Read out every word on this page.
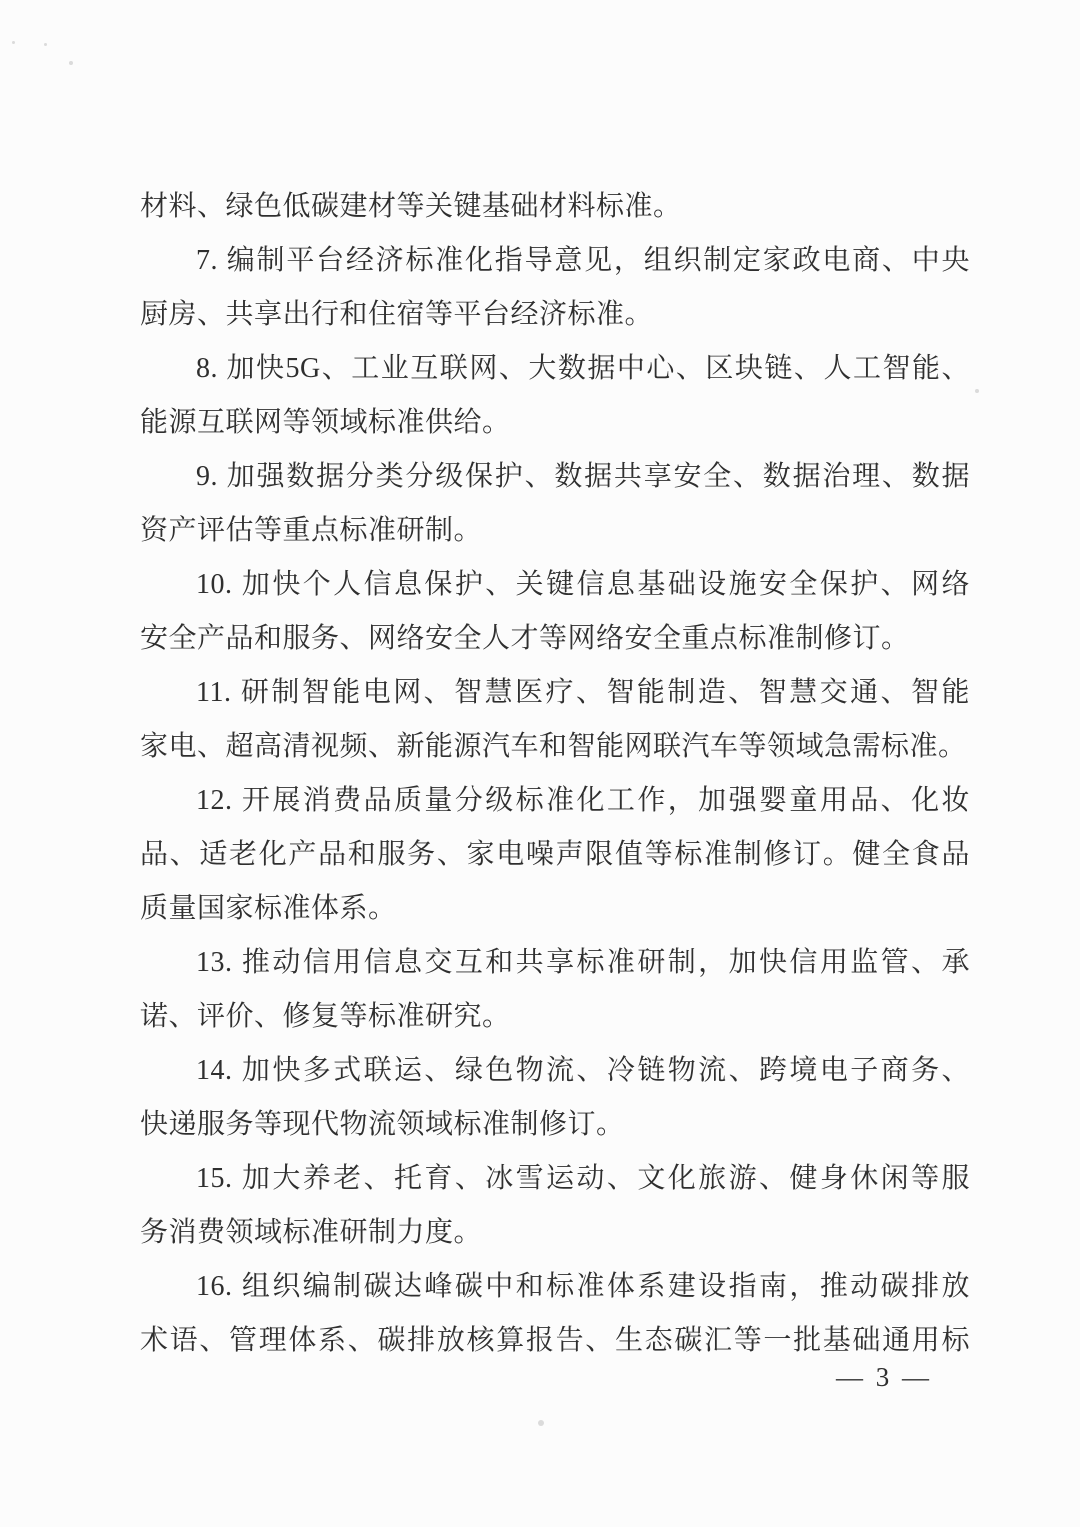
材料、绿色低碳建材等关键基础材料标准。
7. 编制平台经济标准化指导意见，组织制定家政电商、中央
厨房、共享出行和住宿等平台经济标准。
8. 加快5G、工业互联网、大数据中心、区块链、人工智能、
能源互联网等领域标准供给。
9. 加强数据分类分级保护、数据共享安全、数据治理、数据
资产评估等重点标准研制。
10. 加快个人信息保护、关键信息基础设施安全保护、网络
安全产品和服务、网络安全人才等网络安全重点标准制修订。
11. 研制智能电网、智慧医疗、智能制造、智慧交通、智能
家电、超高清视频、新能源汽车和智能网联汽车等领域急需标准。
12. 开展消费品质量分级标准化工作，加强婴童用品、化妆
品、适老化产品和服务、家电噪声限值等标准制修订。健全食品
质量国家标准体系。
13. 推动信用信息交互和共享标准研制，加快信用监管、承
诺、评价、修复等标准研究。
14. 加快多式联运、绿色物流、冷链物流、跨境电子商务、
快递服务等现代物流领域标准制修订。
15. 加大养老、托育、冰雪运动、文化旅游、健身休闲等服
务消费领域标准研制力度。
16. 组织编制碳达峰碳中和标准体系建设指南，推动碳排放
术语、管理体系、碳排放核算报告、生态碳汇等一批基础通用标
— 3 —
